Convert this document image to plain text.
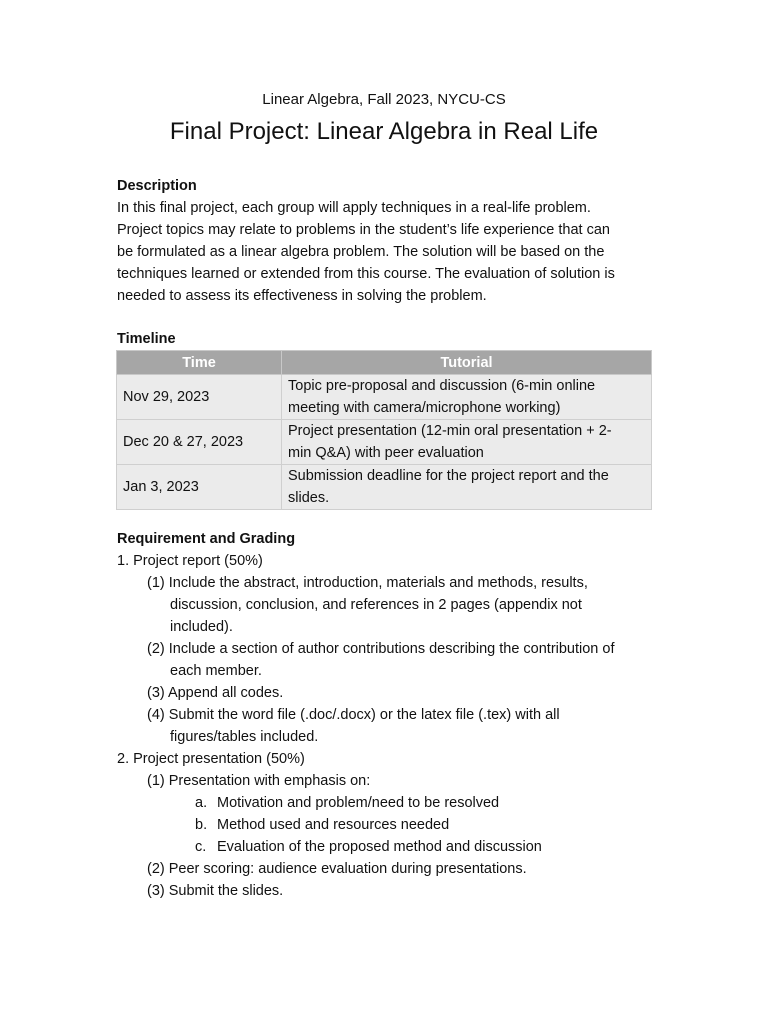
Linear Algebra, Fall 2023, NYCU-CS
Final Project: Linear Algebra in Real Life
Description
In this final project, each group will apply techniques in a real-life problem.
Project topics may relate to problems in the student’s life experience that can
be formulated as a linear algebra problem. The solution will be based on the
techniques learned or extended from this course. The evaluation of solution is
needed to assess its effectiveness in solving the problem.
Timeline
Time	Tutorial
Nov 29, 2023	Topic pre-proposal and discussion (6-min online
meeting with camera/microphone working)

Dec 20 & 27, 2023	Project presentation (12-min oral presentation + 2-
min Q&A) with peer evaluation

Jan 3, 2023	Submission deadline for the project report and the
slides.
Requirement and Grading
1. Project report (50%)
(1) Include the abstract, introduction, materials and methods, results,
discussion, conclusion, and references in 2 pages (appendix not
included).
(2) Include a section of author contributions describing the contribution of
each member.
(3) Append all codes.
(4) Submit the word file (.doc/.docx) or the latex file (.tex) with all
figures/tables included.
2. Project presentation (50%)
(1) Presentation with emphasis on:
a. Motivation and problem/need to be resolved
b. Method used and resources needed
c. Evaluation of the proposed method and discussion
(2) Peer scoring: audience evaluation during presentations.
(3) Submit the slides.
